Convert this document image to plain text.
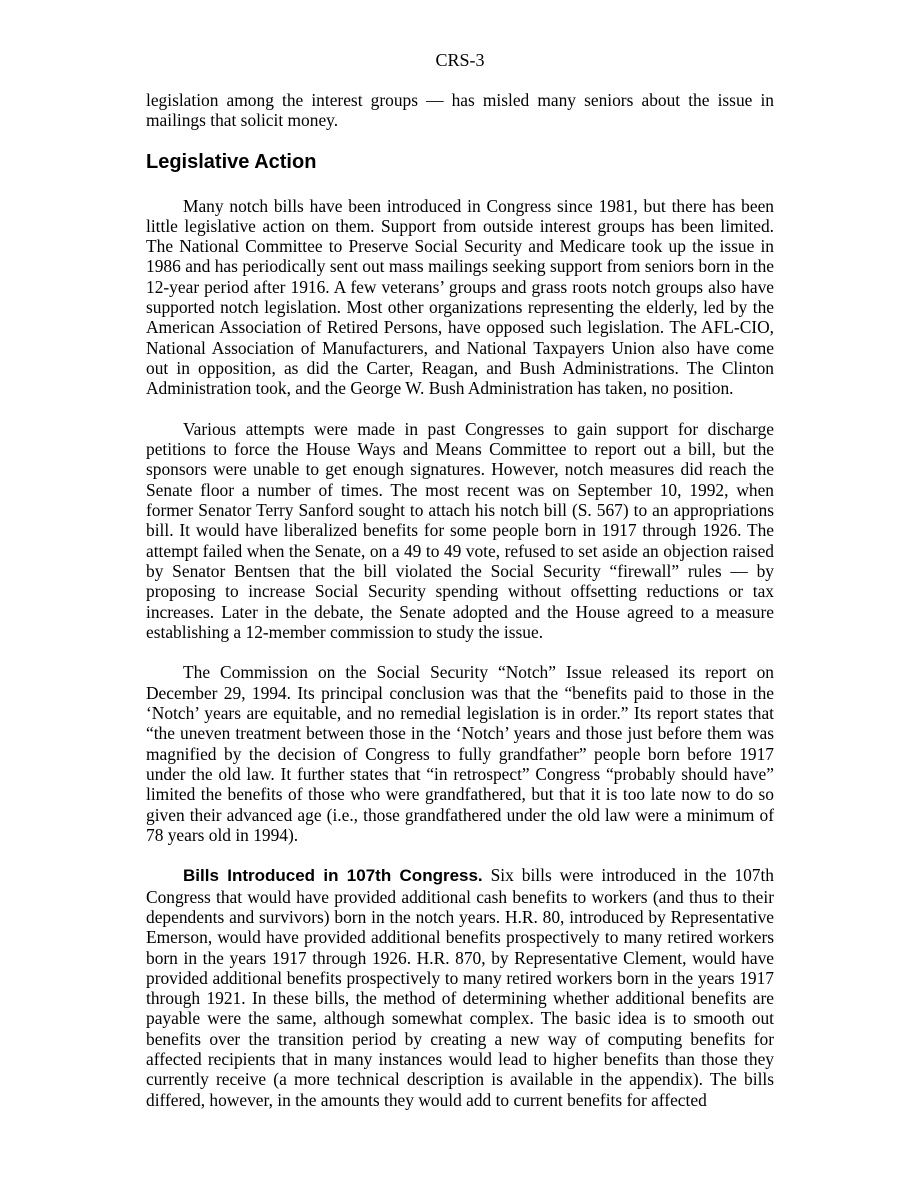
CRS-3

legislation among the interest groups — has misled many seniors about the issue in mailings that solicit money.

Legislative Action

Many notch bills have been introduced in Congress since 1981, but there has been little legislative action on them. Support from outside interest groups has been limited. The National Committee to Preserve Social Security and Medicare took up the issue in 1986 and has periodically sent out mass mailings seeking support from seniors born in the 12-year period after 1916. A few veterans’ groups and grass roots notch groups also have supported notch legislation. Most other organizations representing the elderly, led by the American Association of Retired Persons, have opposed such legislation. The AFL-CIO, National Association of Manufacturers, and National Taxpayers Union also have come out in opposition, as did the Carter, Reagan, and Bush Administrations. The Clinton Administration took, and the George W. Bush Administration has taken, no position.

Various attempts were made in past Congresses to gain support for discharge petitions to force the House Ways and Means Committee to report out a bill, but the sponsors were unable to get enough signatures. However, notch measures did reach the Senate floor a number of times. The most recent was on September 10, 1992, when former Senator Terry Sanford sought to attach his notch bill (S. 567) to an appropriations bill. It would have liberalized benefits for some people born in 1917 through 1926. The attempt failed when the Senate, on a 49 to 49 vote, refused to set aside an objection raised by Senator Bentsen that the bill violated the Social Security “firewall” rules — by proposing to increase Social Security spending without offsetting reductions or tax increases. Later in the debate, the Senate adopted and the House agreed to a measure establishing a 12-member commission to study the issue.

The Commission on the Social Security “Notch” Issue released its report on December 29, 1994. Its principal conclusion was that the “benefits paid to those in the ‘Notch’ years are equitable, and no remedial legislation is in order.” Its report states that “the uneven treatment between those in the ‘Notch’ years and those just before them was magnified by the decision of Congress to fully grandfather” people born before 1917 under the old law. It further states that “in retrospect” Congress “probably should have” limited the benefits of those who were grandfathered, but that it is too late now to do so given their advanced age (i.e., those grandfathered under the old law were a minimum of 78 years old in 1994).

Bills Introduced in 107th Congress. Six bills were introduced in the 107th Congress that would have provided additional cash benefits to workers (and thus to their dependents and survivors) born in the notch years. H.R. 80, introduced by Representative Emerson, would have provided additional benefits prospectively to many retired workers born in the years 1917 through 1926. H.R. 870, by Representative Clement, would have provided additional benefits prospectively to many retired workers born in the years 1917 through 1921. In these bills, the method of determining whether additional benefits are payable were the same, although somewhat complex. The basic idea is to smooth out benefits over the transition period by creating a new way of computing benefits for affected recipients that in many instances would lead to higher benefits than those they currently receive (a more technical description is available in the appendix). The bills differed, however, in the amounts they would add to current benefits for affected
